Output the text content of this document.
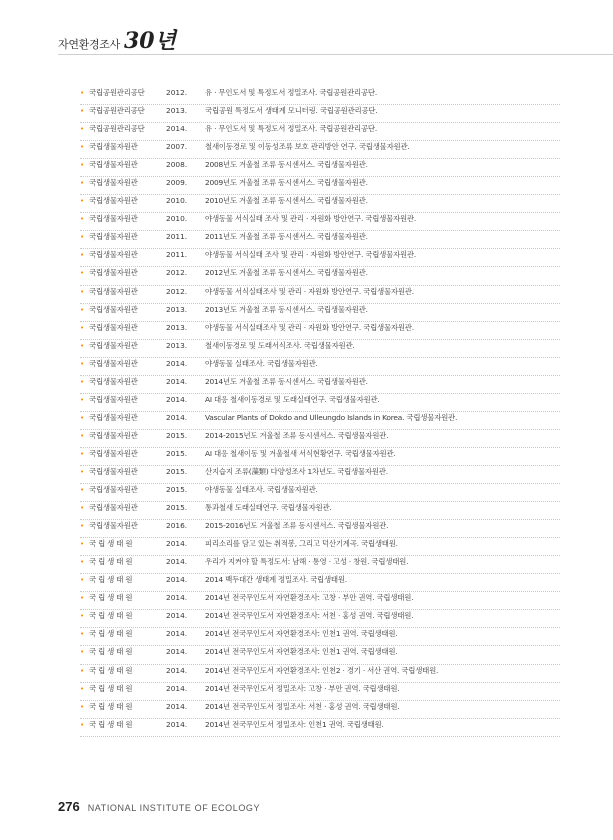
자연환경조사 30년
• 국립공원관리공단	2012. 유 · 무인도서 및 특정도서 정밀조사. 국립공원관리공단.
• 국립공원관리공단	2013. 국립공원 특정도서 생태계 모니터링. 국립공원관리공단.
• 국립공원관리공단	2014. 유 · 무인도서 및 특정도서 정밀조사. 국립공원관리공단.
• 국립생물자원관	2007. 철새이동경로 및 이동성조류 보호 관리방안 연구. 국립생물자원관.
• 국립생물자원관	2008. 2008년도 겨울철 조류 동시센서스. 국립생물자원관.
• 국립생물자원관	2009. 2009년도 겨울철 조류 동시센서스. 국립생물자원관.
• 국립생물자원관	2010. 2010년도 겨울철 조류 동시센서스. 국립생물자원관.
• 국립생물자원관	2010. 야생동물 서식실태 조사 및 관리 · 자원화 방안연구. 국립생물자원관.
• 국립생물자원관	2011. 2011년도 겨울철 조류 동시센서스. 국립생물자원관.
• 국립생물자원관	2011. 야생동물 서식실태 조사 및 관리 · 자원화 방안연구. 국립생물자원관.
• 국립생물자원관	2012. 2012년도 겨울철 조류 동시센서스. 국립생물자원관.
• 국립생물자원관	2012. 야생동물 서식실태조사 및 관리 · 자원화 방안연구. 국립생물자원관.
• 국립생물자원관	2013. 2013년도 겨울철 조류 동시센서스. 국립생물자원관.
• 국립생물자원관	2013. 야생동물 서식실태조사 및 관리 · 자원화 방안연구. 국립생물자원관.
• 국립생물자원관	2013. 철새이동경로 및 도래서식조사. 국립생물자원관.
• 국립생물자원관	2014. 야생동물 실태조사. 국립생물자원관.
• 국립생물자원관	2014. 2014년도 겨울철 조류 동시센서스. 국립생물자원관.
• 국립생물자원관	2014. AI 대응 철새이동경로 및 도래실태연구. 국립생물자원관.
• 국립생물자원관	2014. Vascular Plants of Dokdo and Ulleungdo Islands in Korea. 국립생물자원관.
• 국립생물자원관	2015. 2014-2015년도 겨울철 조류 동시센서스. 국립생물자원관.
• 국립생물자원관	2015. AI 대응 철새이동 및 겨울철새 서식현황연구. 국립생물자원관.
• 국립생물자원관	2015. 산지습지 조류(藻類) 다양성조사 1차년도. 국립생물자원관.
• 국립생물자원관	2015. 야생동물 실태조사. 국립생물자원관.
• 국립생물자원관	2015. 통과철새 도래실태연구. 국립생물자원관.
• 국립생물자원관	2016. 2015-2016년도 겨울철 조류 동시센서스. 국립생물자원관.
• 국 립 생 태 원	2014. 피리소리를 담고 있는 취적봉, 그리고 덕산기계곡. 국립생태원.
• 국 립 생 태 원	2014. 우리가 지켜야 할 특정도서: 남해 · 통영 · 고성 · 창원. 국립생태원.
• 국 립 생 태 원	2014. 2014 백두대간 생태계 정밀조사. 국립생태원.
• 국 립 생 태 원	2014. 2014년 전국무인도서 자연환경조사: 고창 · 부안 권역. 국립생태원.
• 국 립 생 태 원	2014. 2014년 전국무인도서 자연환경조사: 서천 · 홍성 권역. 국립생태원.
• 국 립 생 태 원	2014. 2014년 전국무인도서 자연환경조사: 인천1 권역. 국립생태원.
• 국 립 생 태 원	2014. 2014년 전국무인도서 자연환경조사: 인천1 권역. 국립생태원.
• 국 립 생 태 원	2014. 2014년 전국무인도서 자연환경조사: 인천2 · 경기 · 서산 권역. 국립생태원.
• 국 립 생 태 원	2014. 2014년 전국무인도서 정밀조사: 고창 · 부안 권역. 국립생태원.
• 국 립 생 태 원	2014. 2014년 전국무인도서 정밀조사: 서천 · 홍성 권역. 국립생태원.
• 국 립 생 태 원	2014. 2014년 전국무인도서 정밀조사: 인천1 권역. 국립생태원.
276 NATIONAL INSTITUTE OF ECOLOGY
